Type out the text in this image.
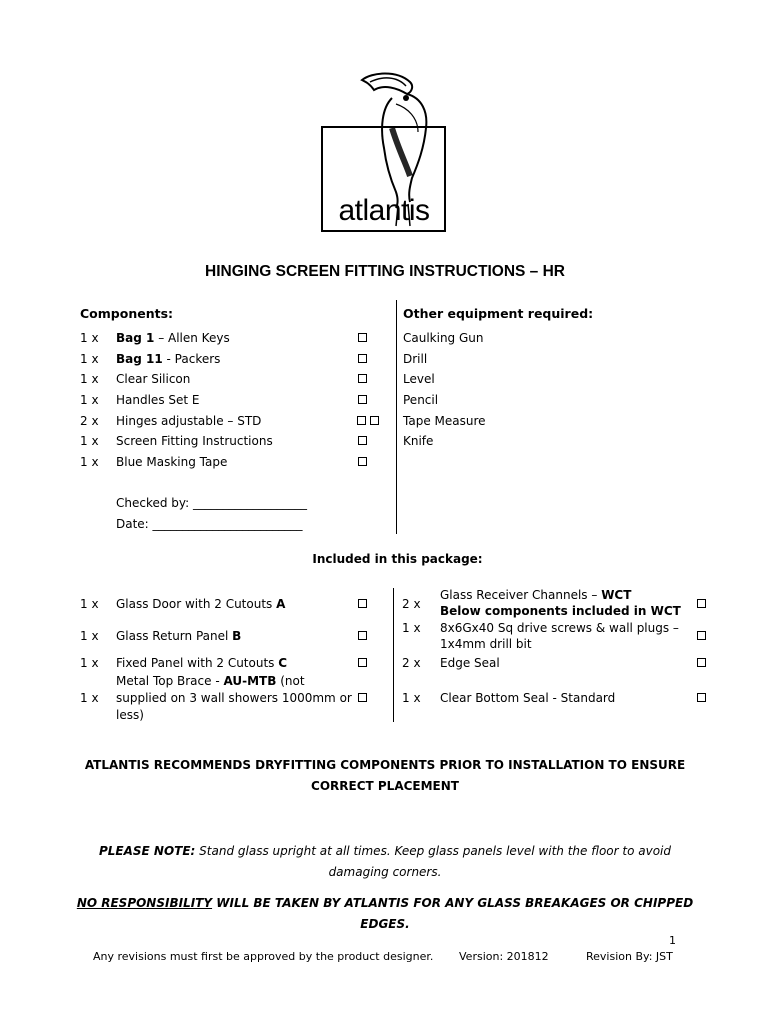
atlantis
HINGING SCREEN FITTING INSTRUCTIONS – HR
Components:	Other equipment required:
1 x Bag 1 – Allen Keys
1 x Bag 11 - Packers
1 x Clear Silicon
1 x Handles Set E
2 x Hinges adjustable – STD
1 x Screen Fitting Instructions
1 x Blue Masking Tape
Checked by: ___________________
Date: _________________________
Caulking Gun
Drill
Level
Pencil
Tape Measure
Knife
Included in this package:
1 x Glass Door with 2 Cutouts A
1 x Glass Return Panel B
1 x Fixed Panel with 2 Cutouts C
1 x
Metal Top Brace - AU-MTB (not
supplied on 3 wall showers 1000mm or
less)
2 x
Glass Receiver Channels – WCT
Below components included in WCT
1 x 8x6Gx40 Sq drive screws & wall plugs –
1x4mm drill bit
2 x Edge Seal
1 x Clear Bottom Seal - Standard
ATLANTIS RECOMMENDS DRYFITTING COMPONENTS PRIOR TO INSTALLATION TO ENSURE
CORRECT PLACEMENT
PLEASE NOTE: Stand glass upright at all times. Keep glass panels level with the floor to avoid
damaging corners.
NO RESPONSIBILITY WILL BE TAKEN BY ATLANTIS FOR ANY GLASS BREAKAGES OR CHIPPED
EDGES.
1
Any revisions must first be approved by the product designer. Version: 201812	Revision By: JST
